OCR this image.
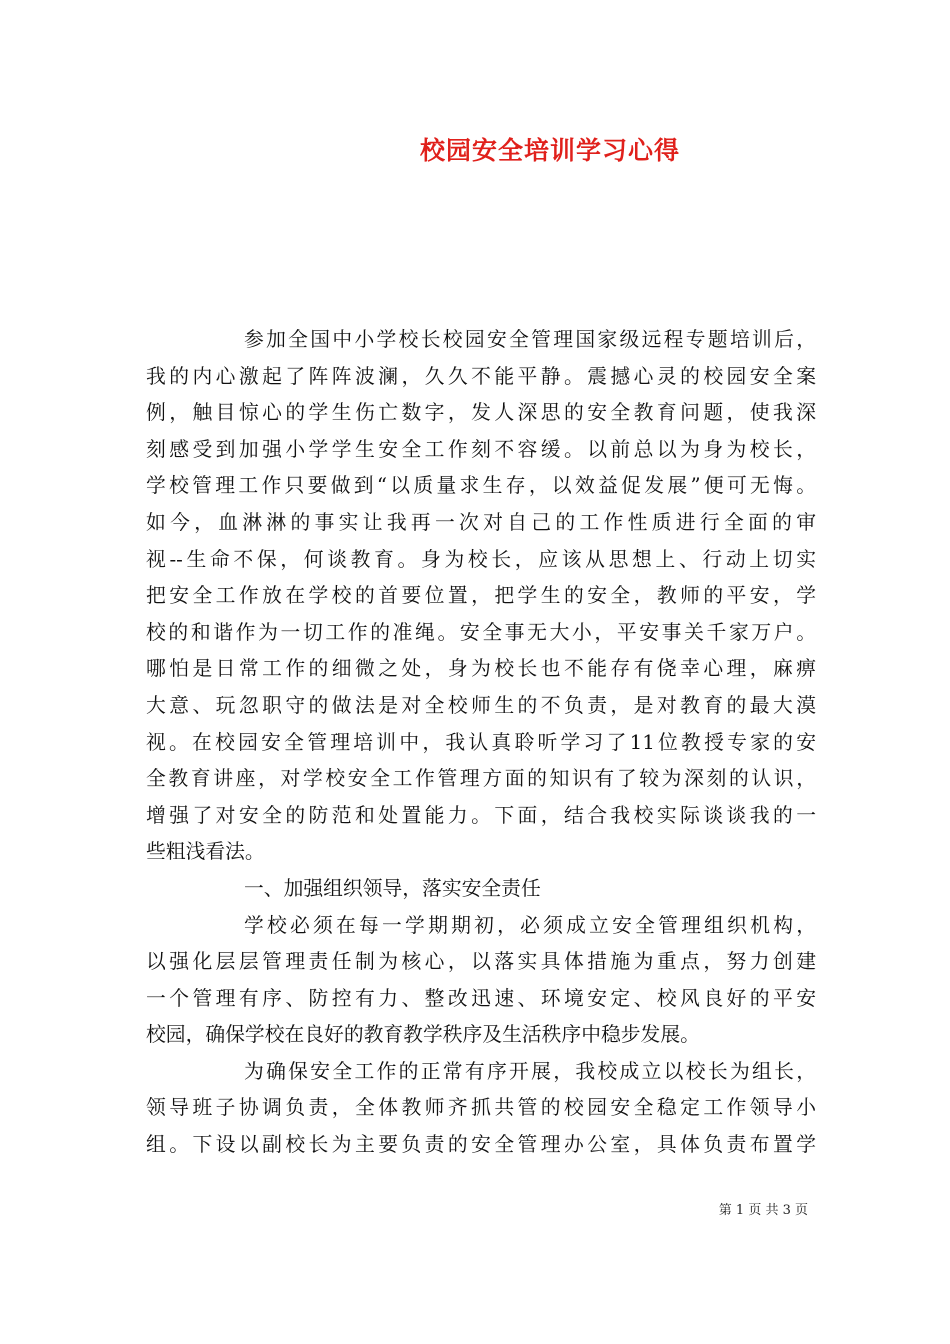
校园安全培训学习心得
参加全国中小学校长校园安全管理国家级远程专题培训后，
我的内心激起了阵阵波澜，久久不能平静。震撼心灵的校园安全案
例，触目惊心的学生伤亡数字，发人深思的安全教育问题，使我深
刻感受到加强小学学生安全工作刻不容缓。以前总以为身为校长，
学校管理工作只要做到“以质量求生存，以效益促发展”便可无悔。
如今，血淋淋的事实让我再一次对自己的工作性质进行全面的审
视--生命不保，何谈教育。身为校长，应该从思想上、行动上切实
把安全工作放在学校的首要位置，把学生的安全，教师的平安，学
校的和谐作为一切工作的准绳。安全事无大小，平安事关千家万户。
哪怕是日常工作的细微之处，身为校长也不能存有侥幸心理，麻痹
大意、玩忽职守的做法是对全校师生的不负责，是对教育的最大漠
视。在校园安全管理培训中，我认真聆听学习了11位教授专家的安
全教育讲座，对学校安全工作管理方面的知识有了较为深刻的认识，
增强了对安全的防范和处置能力。下面，结合我校实际谈谈我的一
些粗浅看法。
一、加强组织领导，落实安全责任
学校必须在每一学期期初，必须成立安全管理组织机构，
以强化层层管理责任制为核心，以落实具体措施为重点，努力创建
一个管理有序、防控有力、整改迅速、环境安定、校风良好的平安
校园，确保学校在良好的教育教学秩序及生活秩序中稳步发展。
为确保安全工作的正常有序开展，我校成立以校长为组长，
领导班子协调负责，全体教师齐抓共管的校园安全稳定工作领导小
组。下设以副校长为主要负责的安全管理办公室，具体负责布置学
第 1 页 共 3 页
